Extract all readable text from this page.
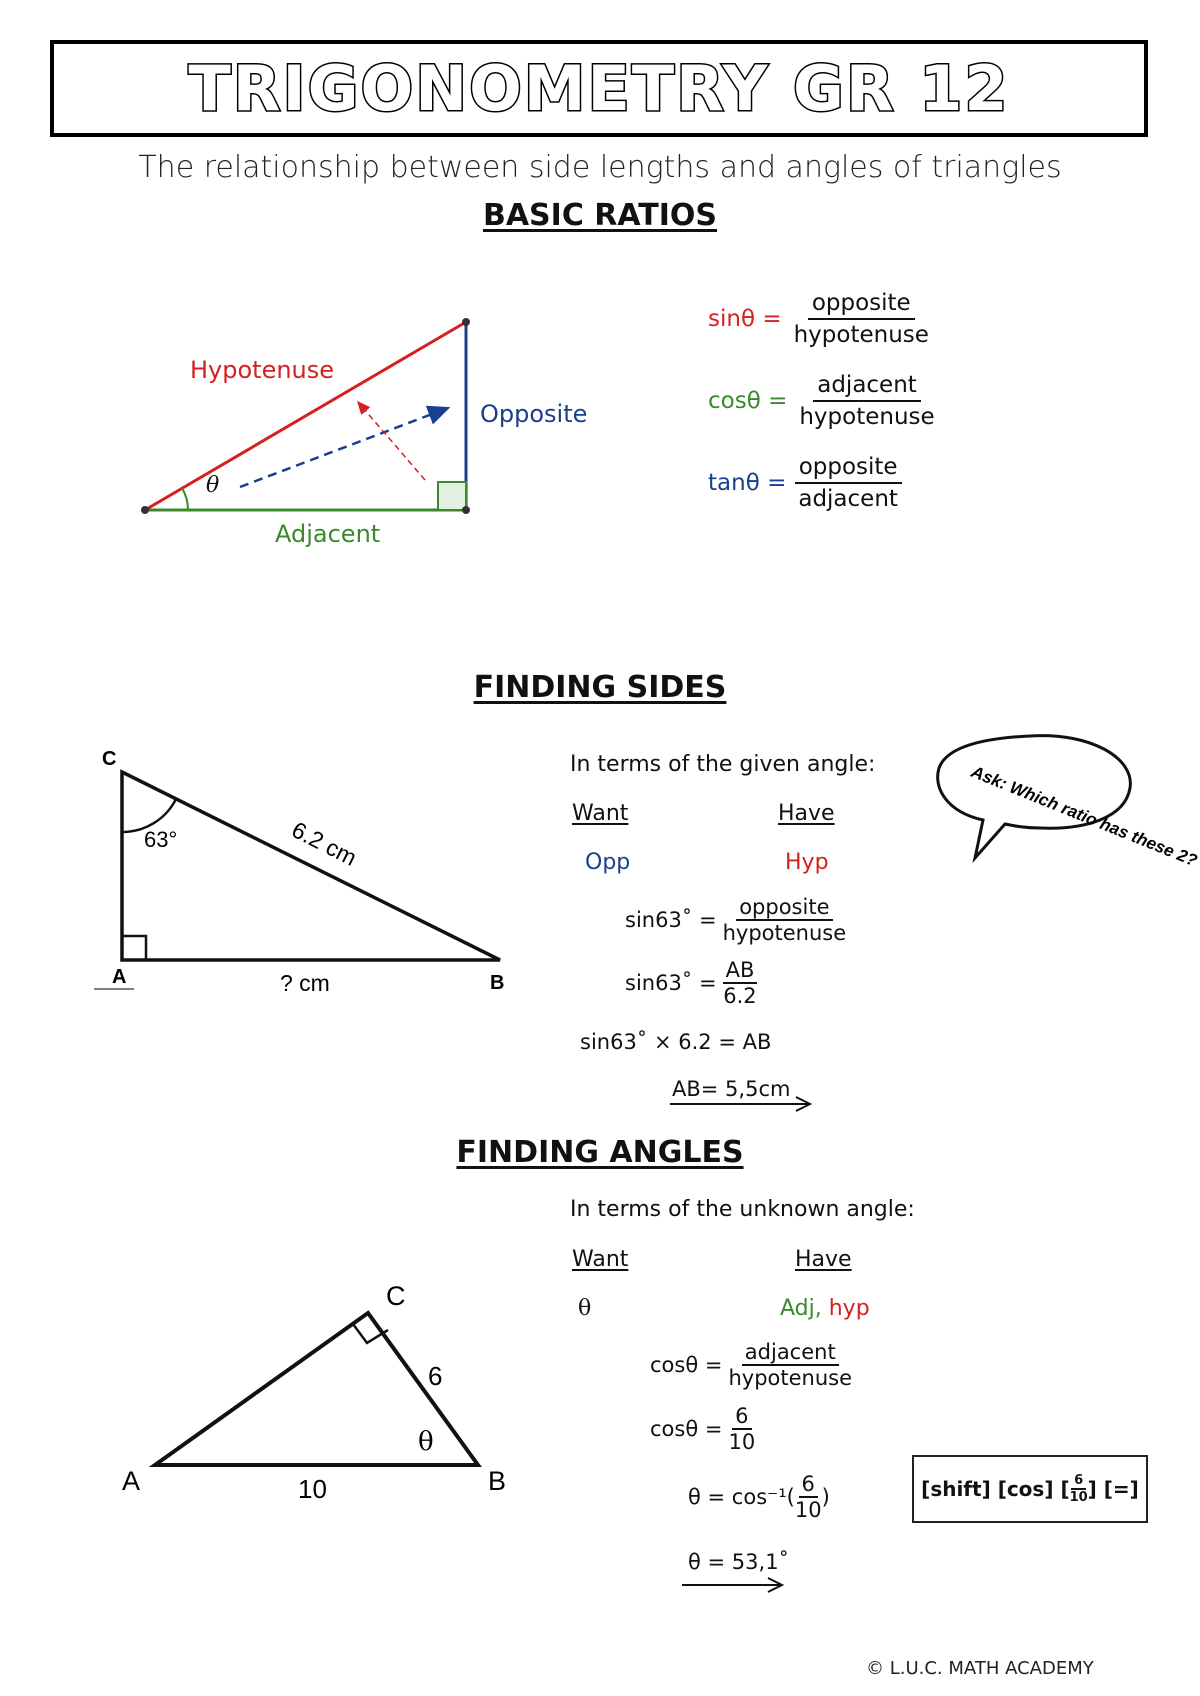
TRIGONOMETRY GR 12
The relationship between side lengths and angles of triangles
BASIC RATIOS
Hypotenuse
Opposite
Adjacent
θ
$\sin\theta = \frac{\text{opposite}}{\text{hypotenuse}}$
$\cos\theta = \frac{\text{adjacent}}{\text{hypotenuse}}$
$\tan\theta = \frac{\text{opposite}}{\text{adjacent}}$
FINDING SIDES
C
A	B
63°	6.2 cm
? cm
In terms of the given angle:
Want	Have
Opp	Hyp	Ask: Which ratio has these 2?
sin63˚ = $\frac{\text{opposite}}{\text{hypotenuse}}$
sin63˚ = $\frac{AB}{6.2}$
sin63˚ × 6.2 = AB
AB= 5,5cm
FINDING ANGLES
C
A	B
6
10
θ
In terms of the unknown angle:
Want	Have
θ	Adj, hyp
$\cos\theta = \frac{\text{adjacent}}{\text{hypotenuse}}$
$\cos\theta = \frac{6}{10}$
$\theta = \cos^{-1}( \frac{6}{10}$ )
θ = 53,1˚
[shift]
[cos]
[ $\frac{6}{10}$ ]
[=]
© L.U.C. MATH ACADEMY
